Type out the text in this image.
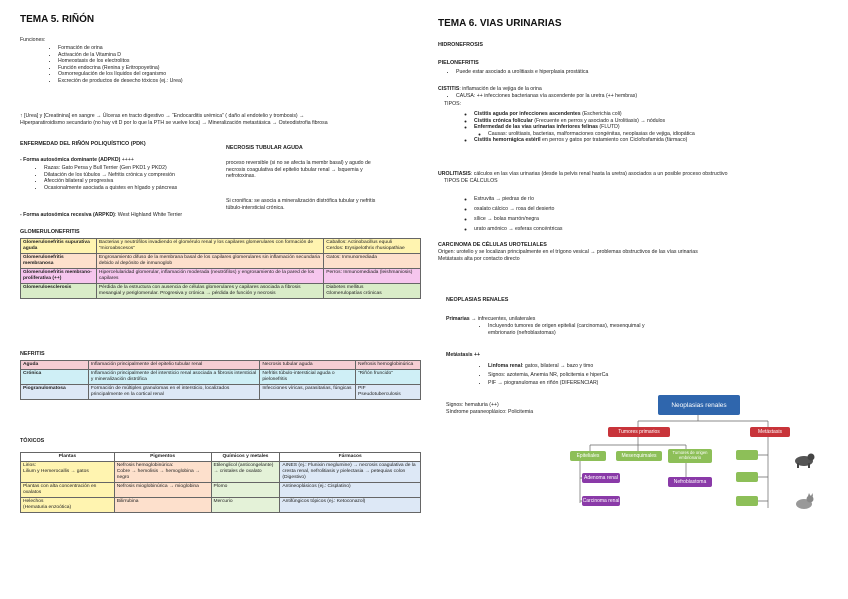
TEMA 5. RIÑÓN
Funciones:
• Formación de orina
• Activación de la Vitamina D
• Homeostasis de los electrolitos
• Función endocrina (Renina y Eritropoyetina)
• Osmorregulación de los líquidos del organismo
• Excreción de productos de desecho tóxicos (ej.: Urea)
↑ [Urea] y [Creatinina] en sangre → Úlceras en tracto digestivo → “Endocarditis urémica” ( daño al endotelio y trombosis) →
Hiperparatiroidismo secundario (no hay vit D por lo que la PTH se vuelve loca) → Mineralización metastásica → Osteodistrofia fibrosa
ENFERMEDAD DEL RIÑÓN POLIQUÍSTICO (PDK)
- Forma autosómica dominante (ADPKD) ++++
• Razas: Gato Persa y Bull Terrier (Gen PKD1 y PKD2)
• Dilatación de los túbulos → Nefritis crónica y compresión
• Afección bilateral y progresiva
• Ocasionalmente asociada a quistes en hígado y páncreas
- Forma autosómica recesiva (ARPKD): West Highland White Terrier
NECROSIS TUBULAR AGUDA
proceso reversible (si no se afecta la membr basal) y agudo de necrosis coagulativa del epitelio tubular renal → Isquemia y nefrotoxinas.
Si cronifica: se asocia a mineralización distrófica tubular y nefritis túbulo-intersticial crónica.
GLOMERULONEFRITIS
Glomerulonefritis supurativa aguda	Bacterias y neutrófilos invadiendo el glomérulo renal y los capilares glomerulares con formación de “microabscesos”	Caballos: Actinobacillus equuli
Cerdos: Erysipelothrix rhusiopathiae
Glomerulonefritis membranosa	Engrosamiento difuso de la membrana basal de los capilares glomerulares sin inflamación secundaria debido al depósito de inmunoglob	Gatos: Inmunomediada
Glomerulonefritis membrano-proliferativa (++)	Hipercelularidad glomerular, inflamación moderada (neutrófilos) y engrosamiento de la pared de los capilares	Perros: Inmunomediada (leishmaniosis)
Glomeruloesclerosis	Pérdida de la estructura con ausencia de células glomerulares y capilares asociada a fibrosis mesangial y periglomerular. Progresiva y crónica → pérdida de función y necrosis	Diabetes mellitus
Glomerulopatías crónicas
NEFRITIS
Aguda	Inflamación principalmente del epitelio tubular renal	Necrosis tubular aguda	Nefrosis hemoglobinúrica
Crónica	Inflamación principalmente del intersticio renal asociada a fibrosis intersticial y mineralización distrófica	Nefritis túbulo-intersticial aguda o pielonefritis	“Riñón fruncido”
Piogranulomatosa	Formación de múltiples granulomas en el intersticio, localizados principalmente en la cortical renal	Infecciones víricas, parasitarias, fúngicas	PIF
Pseudotuberculosis
TÓXICOS
Plantas	Pigmentos	Químicos y metales	Fármacos
Lirios:
Lilium y Hemerocallis → gatos	Nefrosis hemoglobinúrica:
Cobre → hemolisis → hemoglobina → negro	Etilenglicol (anticongelante) → cristales de oxalato	AINES (ej.: Flunixin meglumine) → necrosis coagulativa de la cresta renal, nefrolitiasis y pielectasia → petequias colon (Digestivo)
Plantas con alta concentración en oxalatos	Nefrosis mioglobinúrica → mioglobina	Plomo	Antineoplásicos (ej.: Cisplatino)
Helechos
(Hematuria enzoótica)	Bilirrubina	Mercurio	Antifúngicos tópicos (ej.: Ketoconazol)
TEMA 6. VIAS URINARIAS
HIDRONEFROSIS
PIELONEFRITIS
• Puede estar asociado a urolitiasis e hiperplasia prostática
CISTITIS: inflamación de la vejiga de la orina
• CAUSA: ++ infecciones bacterianas vía ascendente por la uretra (++ hembras)
TIPOS:
◦ Cistitis aguda por infecciones ascendentes (Escherichia coli)
◦ Cistitis crónica folicular (Frecuente en perros y asociado a Urolitiasis) → nódulos
◦ Enfermedad de las vías urinarias inferiores felinas (FLUTD)
◦ Causas: urolitiasis, bacterias, malformaciones congénitas, neoplasias de vejiga, idiopática
◦ Cistitis hemorrágica estéril en perros y gatos por tratamiento con Ciclofosfamida (fármaco)
UROLITIASIS: cálculos en las vías urinarias (desde la pelvis renal hasta la uretra) asociados a un posible proceso obstructivo
TIPOS DE CÁLCULOS
◦ Estruvita → piedras de río
◦ oxalato cálcico → rosa del desierto
◦ sílice → bolas marrón/negra
◦ urato amónico → esferas concéntricas
CARCINOMA DE CÉLULAS UROTELIALES
Origen: urotelio y se localizan principalmente en el trígono vesical → problemas obstructivos de las vías urinarias
Metástasis alta por contacto directo
NEOPLASIAS RENALES
Primarias → infrecuentes, unilaterales
• Incluyendo tumores de origen epitelial (carcinomas), mesenquimal y embrionario (nefroblastomas)
Metástasis ++
• Linfoma renal: gatos, bilateral → bazo y timo
• Signos: azotemia, Anemia NR, policitemia e hiperCa
• PIF → piogranulomas en riñón (DIFERENCIAR)
Signos: hematuria (++)
Síndrome paraneoplásico: Policitemia
Neoplasias renales
Tumores primarios	Metástasis
Epiteliales	Mesenquimales
Tumores de origen embrionario
Adenoma renal
Carcinoma renal
Nefroblastoma
